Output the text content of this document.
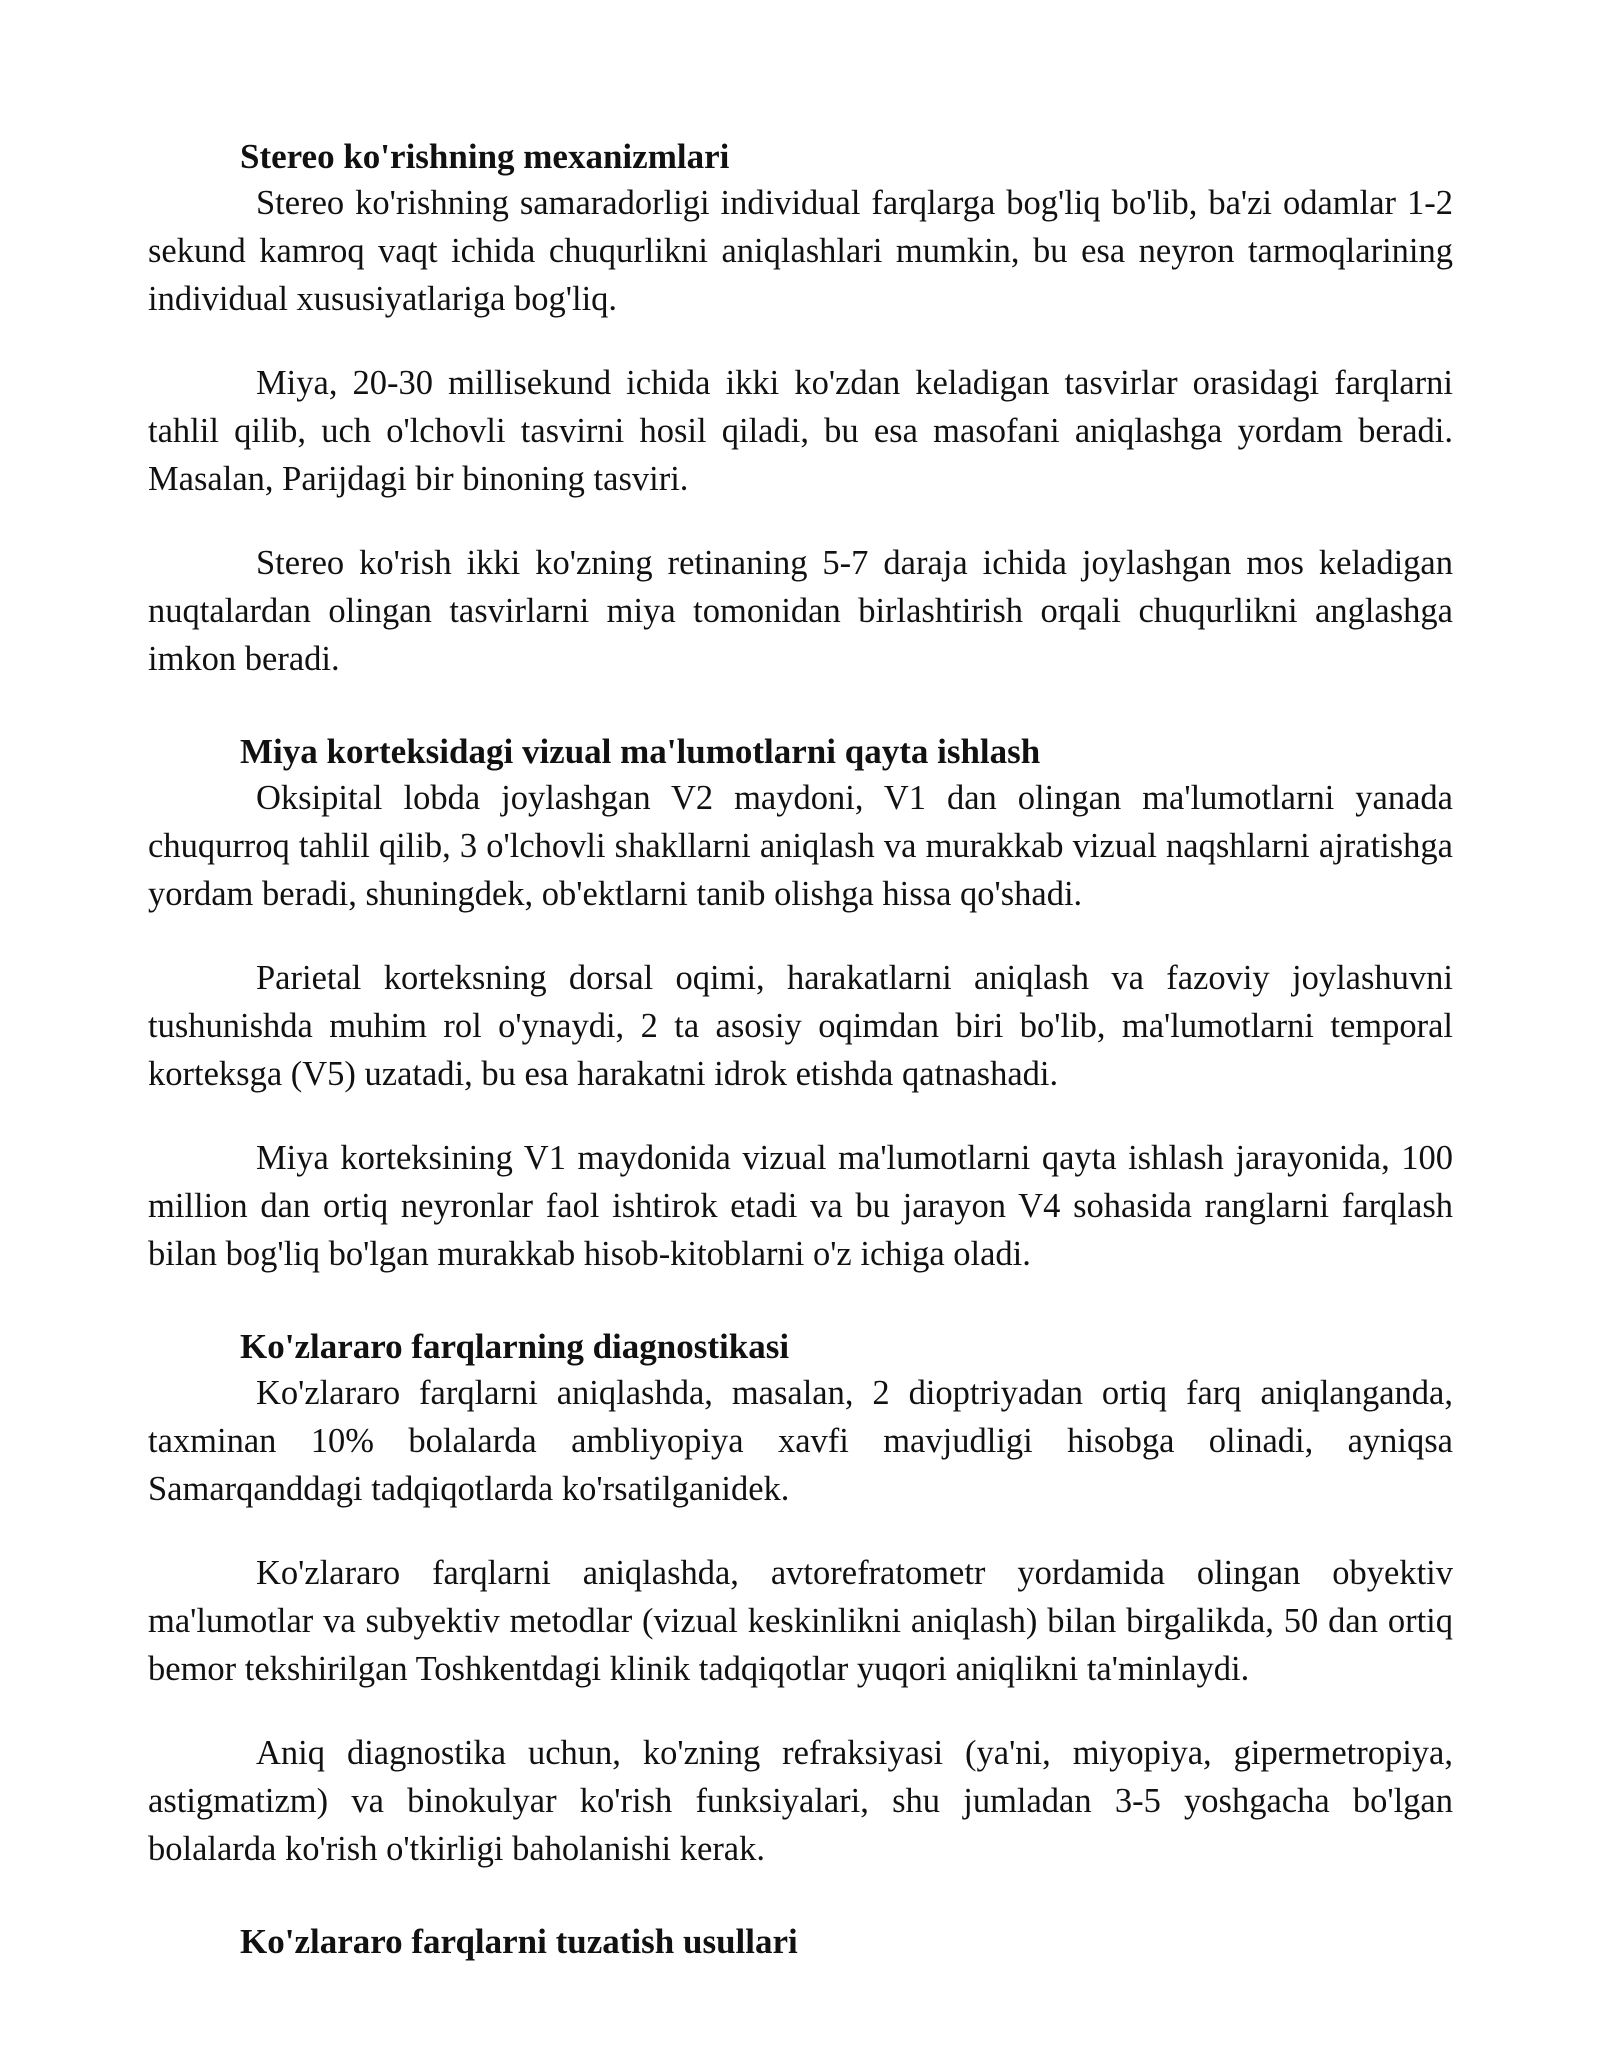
Stereo ko'rishning mexanizmlari

Stereo ko'rishning samaradorligi individual farqlarga bog'liq bo'lib, ba'zi odamlar 1-2 sekund kamroq vaqt ichida chuqurlikni aniqlashlari mumkin, bu esa neyron tarmoqlarining individual xususiyatlariga bog'liq.

Miya, 20-30 millisekund ichida ikki ko'zdan keladigan tasvirlar orasidagi farqlarni tahlil qilib, uch o'lchovli tasvirni hosil qiladi, bu esa masofani aniqlashga yordam beradi. Masalan, Parijdagi bir binoning tasviri.

Stereo ko'rish ikki ko'zning retinaning 5-7 daraja ichida joylashgan mos keladigan nuqtalardan olingan tasvirlarni miya tomonidan birlashtirish orqali chuqurlikni anglashga imkon beradi.

Miya korteksidagi vizual ma'lumotlarni qayta ishlash

Oksipital lobda joylashgan V2 maydoni, V1 dan olingan ma'lumotlarni yanada chuqurroq tahlil qilib, 3 o'lchovli shakllarni aniqlash va murakkab vizual naqshlarni ajratishga yordam beradi, shuningdek, ob'ektlarni tanib olishga hissa qo'shadi.

Parietal korteksning dorsal oqimi, harakatlarni aniqlash va fazoviy joylashuvni tushunishda muhim rol o'ynaydi, 2 ta asosiy oqimdan biri bo'lib, ma'lumotlarni temporal korteksga (V5) uzatadi, bu esa harakatni idrok etishda qatnashadi.

Miya korteksining V1 maydonida vizual ma'lumotlarni qayta ishlash jarayonida, 100 million dan ortiq neyronlar faol ishtirok etadi va bu jarayon V4 sohasida ranglarni farqlash bilan bog'liq bo'lgan murakkab hisob-kitoblarni o'z ichiga oladi.

Ko'zlararo farqlarning diagnostikasi

Ko'zlararo farqlarni aniqlashda, masalan, 2 dioptriyadan ortiq farq aniqlanganda, taxminan 10% bolalarda ambliyopiya xavfi mavjudligi hisobga olinadi, ayniqsa Samarqanddagi tadqiqotlarda ko'rsatilganidek.

Ko'zlararo farqlarni aniqlashda, avtorefratometr yordamida olingan obyektiv ma'lumotlar va subyektiv metodlar (vizual keskinlikni aniqlash) bilan birgalikda, 50 dan ortiq bemor tekshirilgan Toshkentdagi klinik tadqiqotlar yuqori aniqlikni ta'minlaydi.

Aniq diagnostika uchun, ko'zning refraksiyasi (ya'ni, miyopiya, gipermetropiya, astigmatizm) va binokulyar ko'rish funksiyalari, shu jumladan 3-5 yoshgacha bo'lgan bolalarda ko'rish o'tkirligi baholanishi kerak.

Ko'zlararo farqlarni tuzatish usullari
